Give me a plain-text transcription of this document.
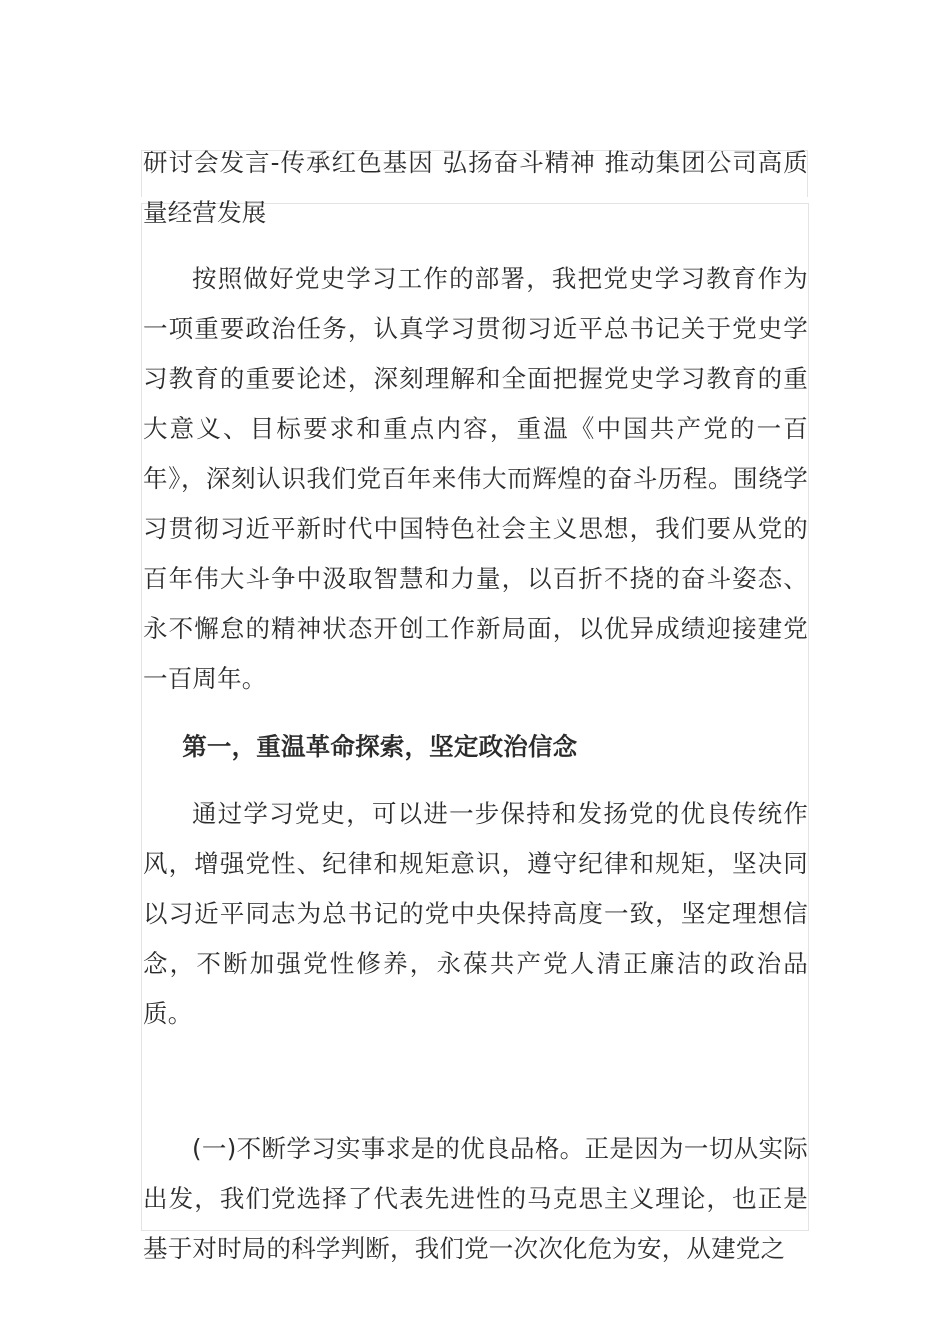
研讨会发言-传承红色基因 弘扬奋斗精神 推动集团公司高质量经营发展

按照做好党史学习工作的部署，我把党史学习教育作为一项重要政治任务，认真学习贯彻习近平总书记关于党史学习教育的重要论述，深刻理解和全面把握党史学习教育的重大意义、目标要求和重点内容，重温《中国共产党的一百年》，深刻认识我们党百年来伟大而辉煌的奋斗历程。围绕学习贯彻习近平新时代中国特色社会主义思想，我们要从党的百年伟大斗争中汲取智慧和力量，以百折不挠的奋斗姿态、永不懈怠的精神状态开创工作新局面，以优异成绩迎接建党一百周年。

第一，重温革命探索，坚定政治信念

通过学习党史，可以进一步保持和发扬党的优良传统作风，增强党性、纪律和规矩意识，遵守纪律和规矩，坚决同以习近平同志为总书记的党中央保持高度一致，坚定理想信念，不断加强党性修养，永葆共产党人清正廉洁的政治品质。

(一)不断学习实事求是的优良品格。正是因为一切从实际出发，我们党选择了代表先进性的马克思主义理论，也正是基于对时局的科学判断，我们党一次次化危为安，从建党之
